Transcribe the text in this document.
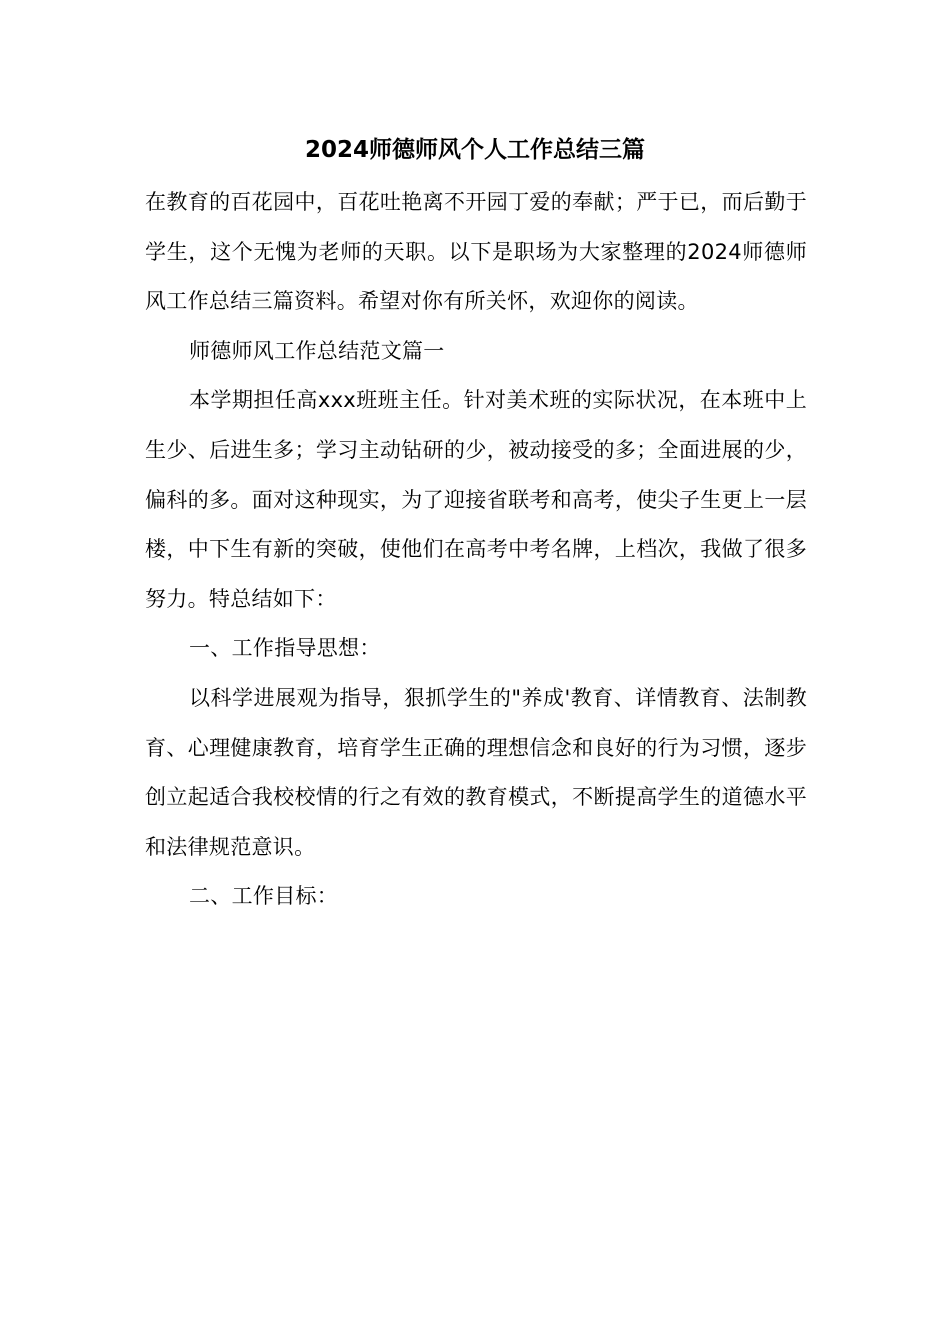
2024师德师风个人工作总结三篇

在教育的百花园中，百花吐艳离不开园丁爱的奉献；严于已，而后勤于学生，这个无愧为老师的天职。以下是职场为大家整理的2024师德师风工作总结三篇资料。希望对你有所关怀，欢迎你的阅读。

师德师风工作总结范文篇一

本学期担任高xxx班班主任。针对美术班的实际状况，在本班中上生少、后进生多；学习主动钻研的少，被动接受的多；全面进展的少，偏科的多。面对这种现实，为了迎接省联考和高考，使尖子生更上一层楼，中下生有新的突破，使他们在高考中考名牌，上档次，我做了很多努力。特总结如下：

一、工作指导思想：

以科学进展观为指导，狠抓学生的"养成'教育、详情教育、法制教育、心理健康教育，培育学生正确的理想信念和良好的行为习惯，逐步创立起适合我校校情的行之有效的教育模式，不断提高学生的道德水平和法律规范意识。

二、工作目标：
